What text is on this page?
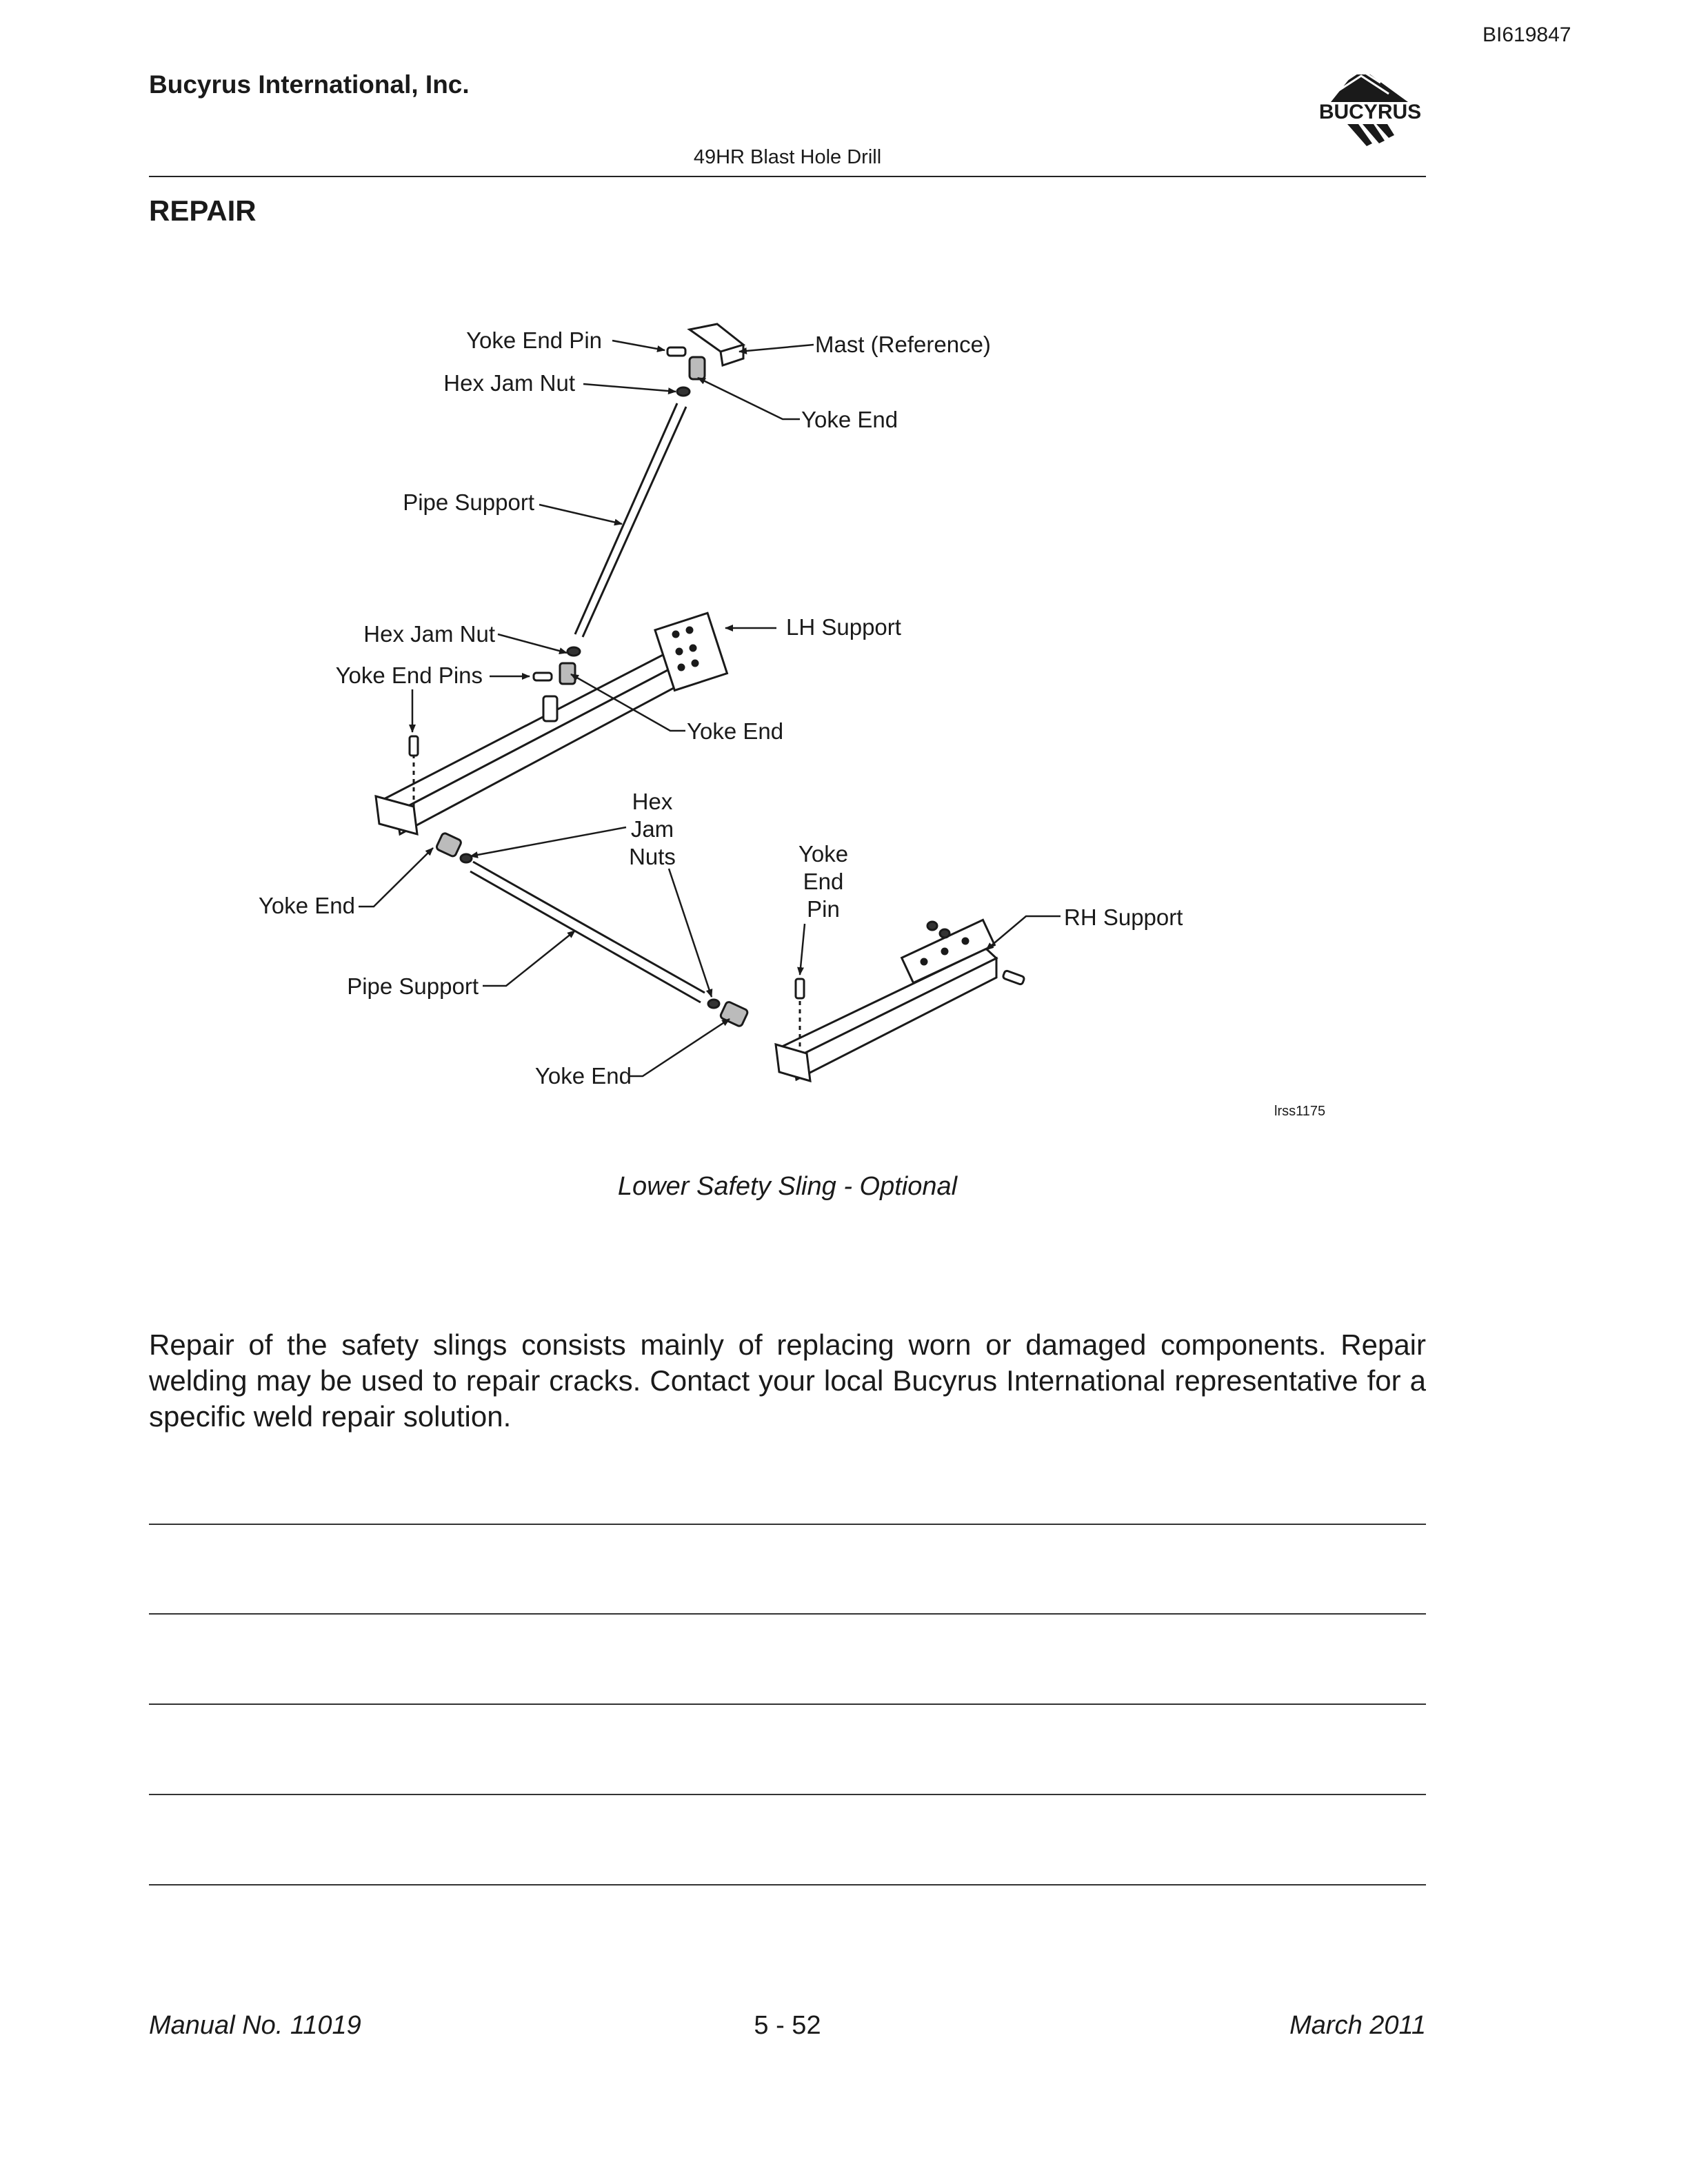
BI619847
Bucyrus International, Inc.
BUCYRUS
49HR Blast Hole Drill
REPAIR
Yoke End Pin	Mast (Reference)
Hex Jam Nut
Yoke End
Pipe Support
Hex Jam Nut	LH Support
Yoke End Pins
Yoke End
Hex
Jam
Nuts	Yoke
End
Pin	RH Support
Yoke End
Pipe Support
Yoke End
lrss1175
Lower Safety Sling - Optional
Repair of the safety slings consists mainly of replacing worn or damaged components. Repair welding may be used to repair cracks. Contact your local Bucyrus International representative for a specific weld repair solution.
Manual No. 11019	5 - 52	March 2011
